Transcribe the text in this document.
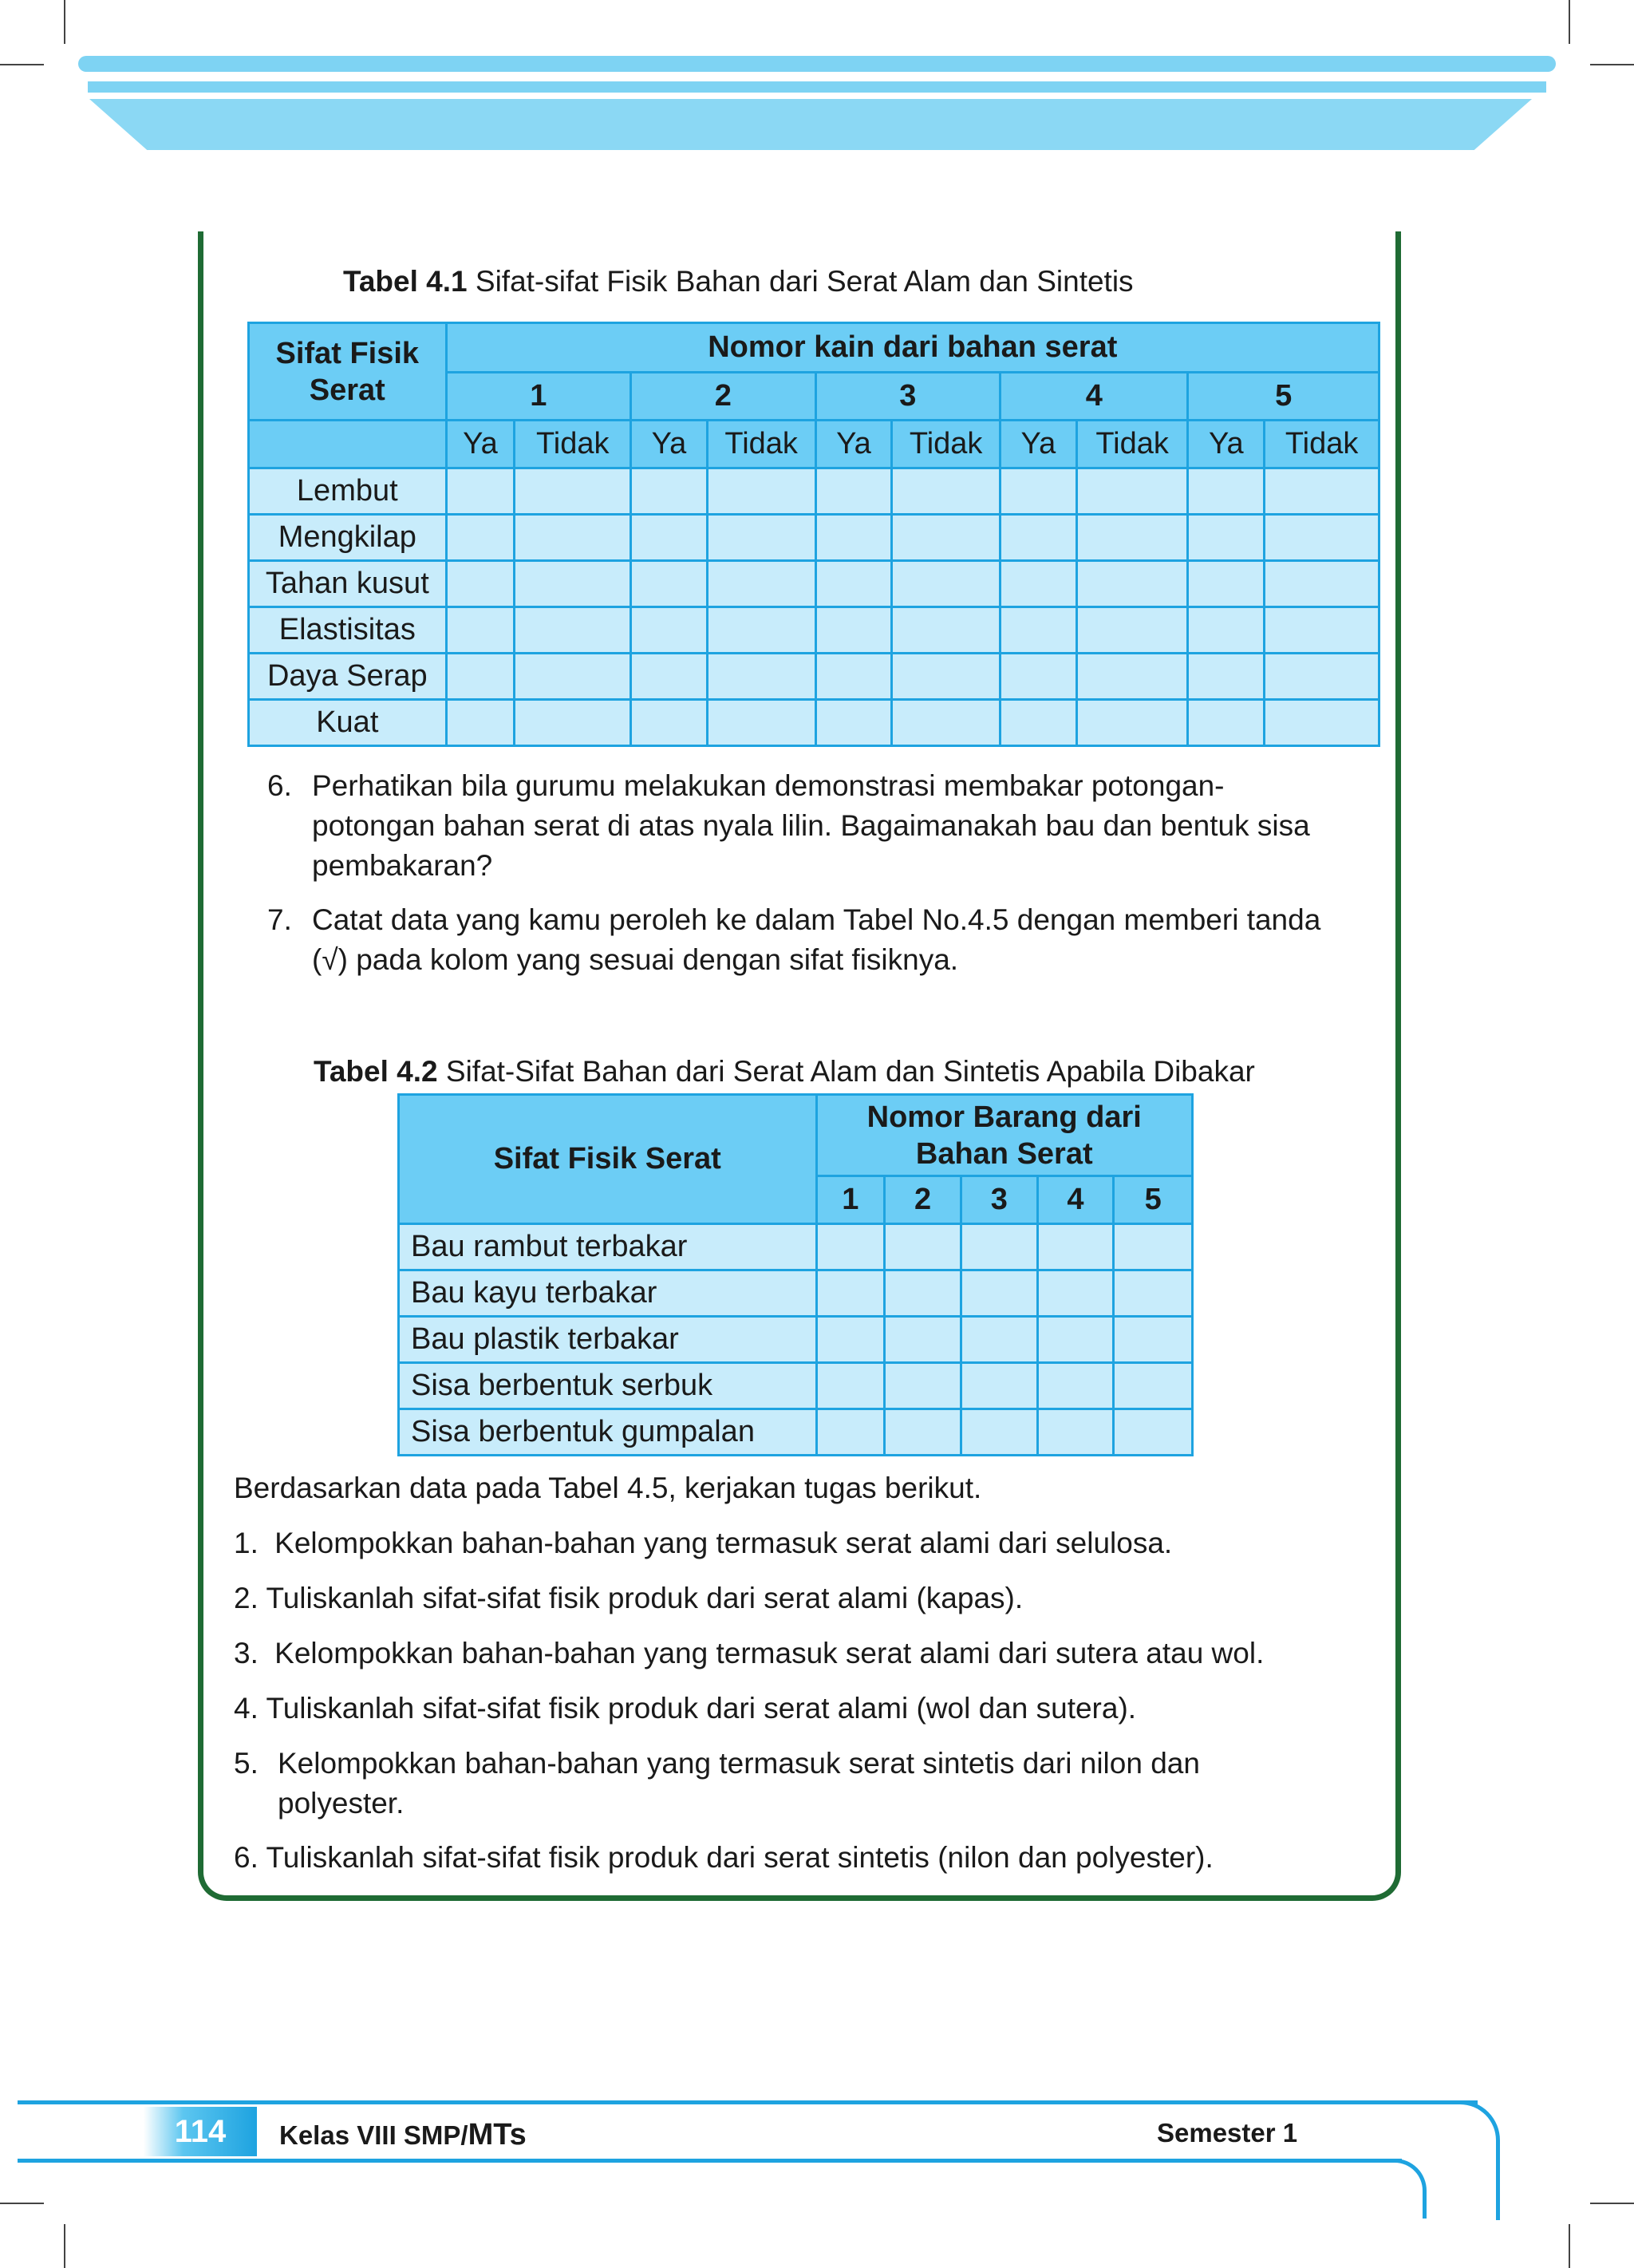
Tabel 4.1 Sifat-sifat Fisik Bahan dari Serat Alam dan Sintetis
Sifat Fisik Serat	Nomor kain dari bahan serat									
	1		2		3		4		5	
	Ya	Tidak	Ya	Tidak	Ya	Tidak	Ya	Tidak	Ya	Tidak
Lembut										
Mengkilap										
Tahan kusut										
Elastisitas										
Daya Serap										
Kuat										
6. Perhatikan bila gurumu melakukan demonstrasi membakar potongan-
potongan bahan serat di atas nyala lilin. Bagaimanakah bau dan bentuk sisa
pembakaran?
7. Catat data yang kamu peroleh ke dalam Tabel No.4.5 dengan memberi tanda
(√) pada kolom yang sesuai dengan sifat fisiknya.
Tabel 4.2 Sifat-Sifat Bahan dari Serat Alam dan Sintetis Apabila Dibakar
Sifat Fisik Serat	Nomor Barang dari
Bahan Serat				

	1	2	3	4	5
Bau rambut terbakar					
Bau kayu terbakar					
Bau plastik terbakar					
Sisa berbentuk serbuk					
Sisa berbentuk gumpalan					
Berdasarkan data pada Tabel 4.5, kerjakan tugas berikut.
1. Kelompokkan bahan-bahan yang termasuk serat alami dari selulosa.
2. Tuliskanlah sifat-sifat fisik produk dari serat alami (kapas).
3. Kelompokkan bahan-bahan yang termasuk serat alami dari sutera atau wol.
4. Tuliskanlah sifat-sifat fisik produk dari serat alami (wol dan sutera).
5. Kelompokkan bahan-bahan yang termasuk serat sintetis dari nilon dan
polyester.
6. Tuliskanlah sifat-sifat fisik produk dari serat sintetis (nilon dan polyester).
114	Kelas VIII SMP/MTs	Semester 1
